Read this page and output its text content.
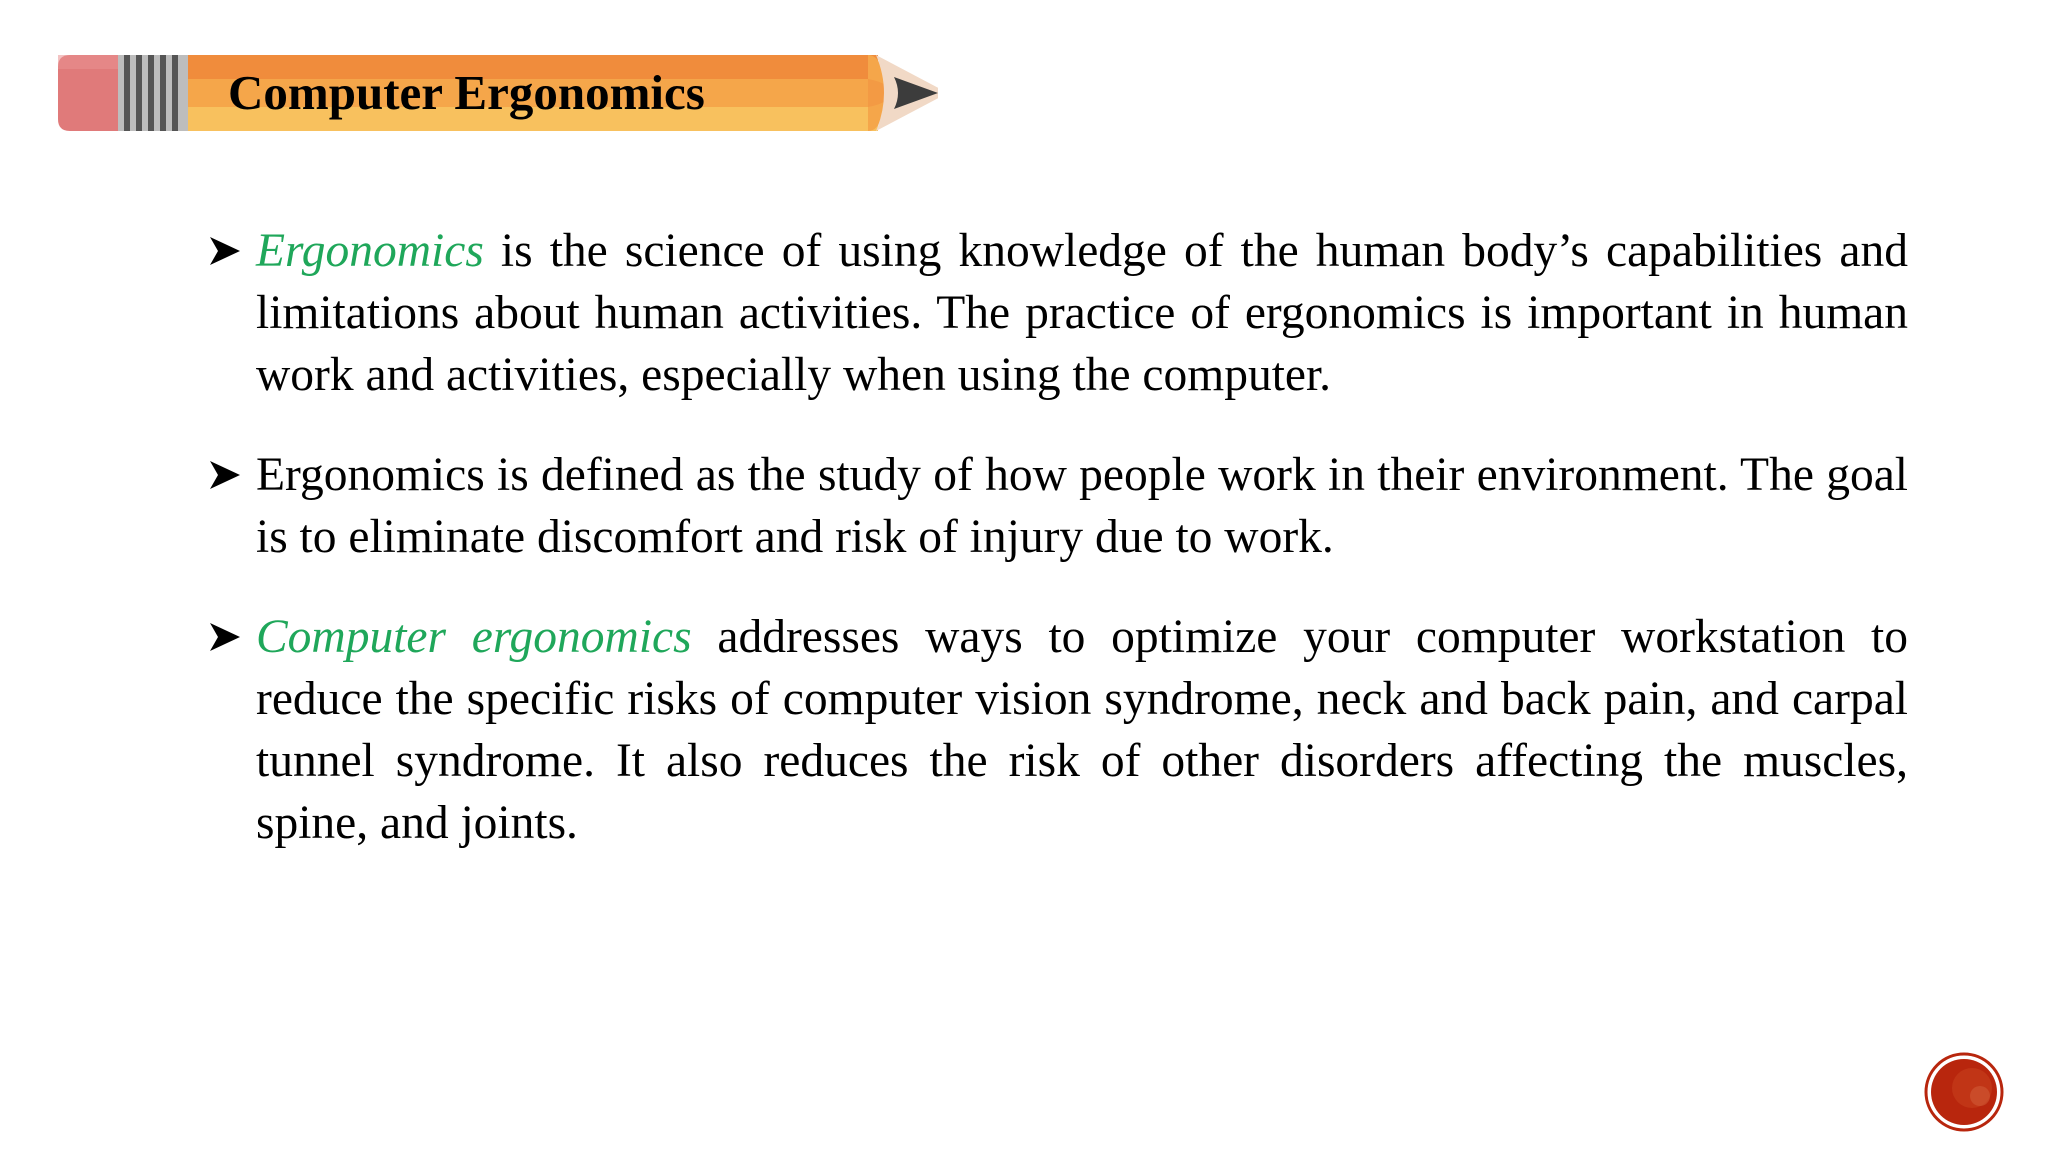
Computer Ergonomics
Ergonomics is the science of using knowledge of the human body’s capabilities and limitations about human activities. The practice of ergonomics is important in human work and activities, especially when using the computer.
Ergonomics is defined as the study of how people work in their environment. The goal is to eliminate discomfort and risk of injury due to work.
Computer ergonomics addresses ways to optimize your computer workstation to reduce the specific risks of computer vision syndrome, neck and back pain, and carpal tunnel syndrome. It also reduces the risk of other disorders affecting the muscles, spine, and joints.
